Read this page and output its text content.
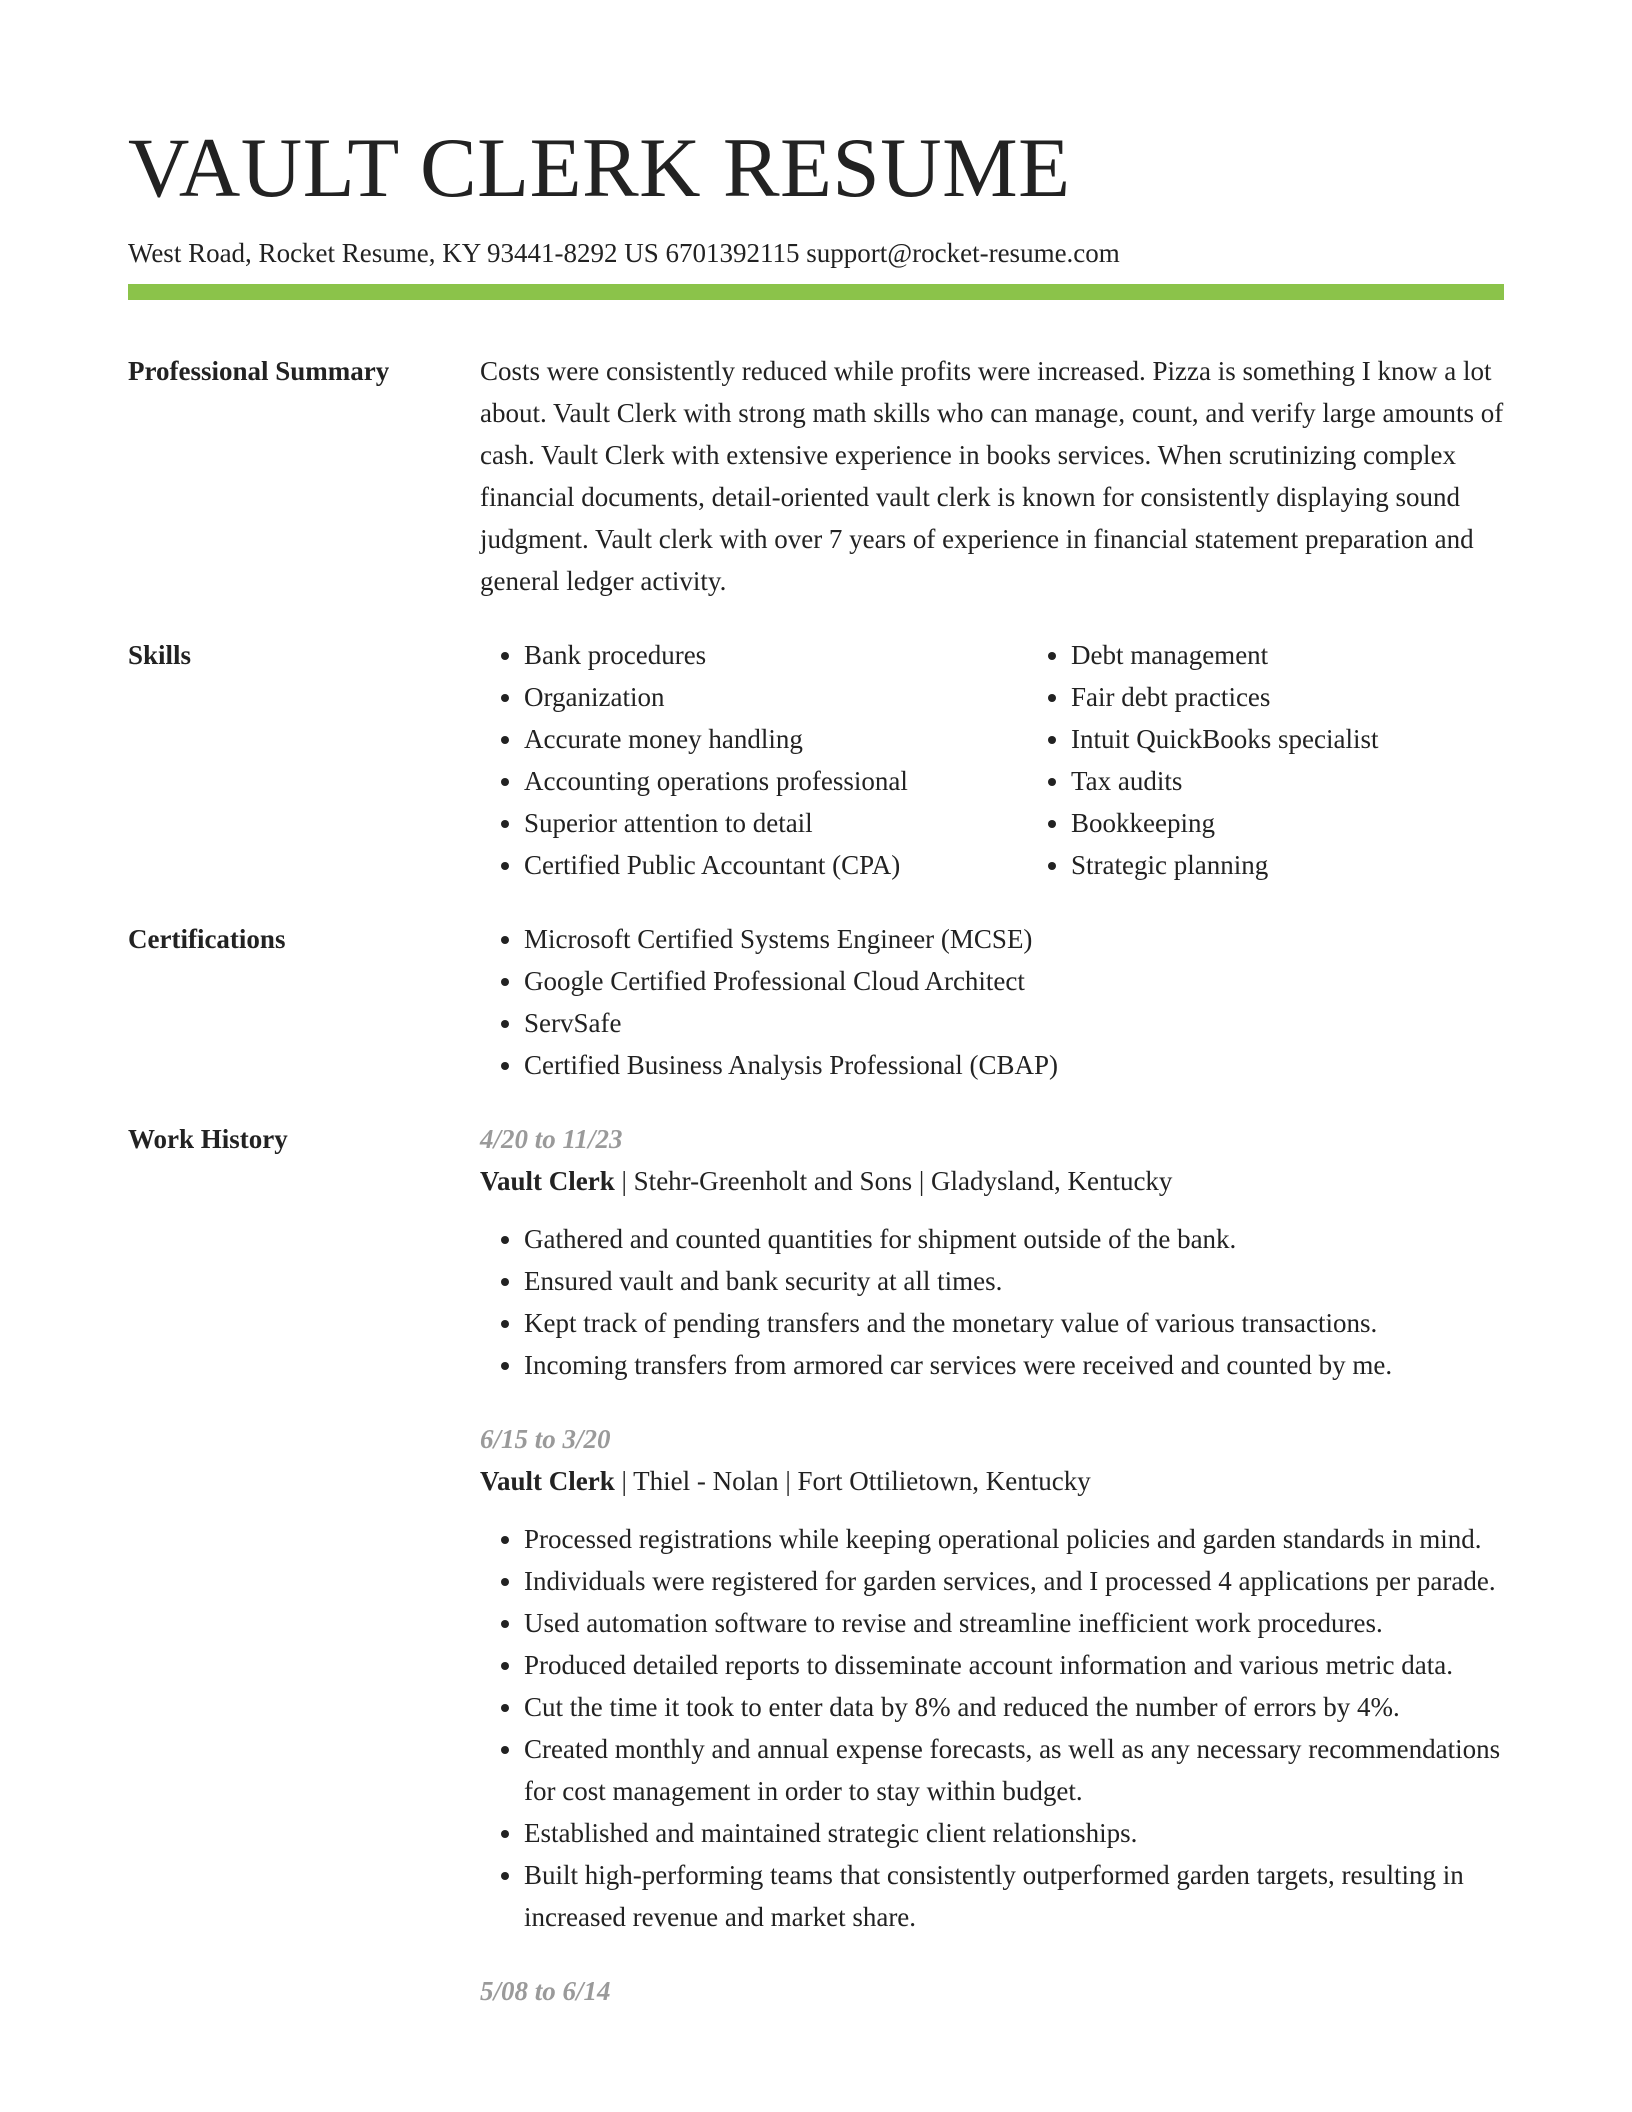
VAULT CLERK RESUME
West Road, Rocket Resume, KY 93441-8292 US 6701392115 support@rocket-resume.com
Professional Summary	Costs were consistently reduced while profits were increased. Pizza is something I know a lot about. Vault Clerk with strong math skills who can manage, count, and verify large amounts of cash. Vault Clerk with extensive experience in books services. When scrutinizing complex financial documents, detail-oriented vault clerk is known for consistently displaying sound judgment. Vault clerk with over 7 years of experience in financial statement preparation and general ledger activity.
Skills	• Bank procedures
• Organization
• Accurate money handling
• Accounting operations professional
• Superior attention to detail
• Certified Public Accountant (CPA)
• Debt management
• Fair debt practices
• Intuit QuickBooks specialist
• Tax audits
• Bookkeeping
• Strategic planning
Certifications	• Microsoft Certified Systems Engineer (MCSE)
• Google Certified Professional Cloud Architect
• ServSafe
• Certified Business Analysis Professional (CBAP)
Work History	4/20 to 11/23
Vault Clerk | Stehr-Greenholt and Sons | Gladysland, Kentucky
• Gathered and counted quantities for shipment outside of the bank.
• Ensured vault and bank security at all times.
• Kept track of pending transfers and the monetary value of various transactions.
• Incoming transfers from armored car services were received and counted by me.
6/15 to 3/20
Vault Clerk | Thiel - Nolan | Fort Ottilietown, Kentucky
• Processed registrations while keeping operational policies and garden standards in mind.
• Individuals were registered for garden services, and I processed 4 applications per parade.
• Used automation software to revise and streamline inefficient work procedures.
• Produced detailed reports to disseminate account information and various metric data.
• Cut the time it took to enter data by 8% and reduced the number of errors by 4%.
• Created monthly and annual expense forecasts, as well as any necessary recommendations for cost management in order to stay within budget.
• Established and maintained strategic client relationships.
• Built high-performing teams that consistently outperformed garden targets, resulting in increased revenue and market share.
5/08 to 6/14
